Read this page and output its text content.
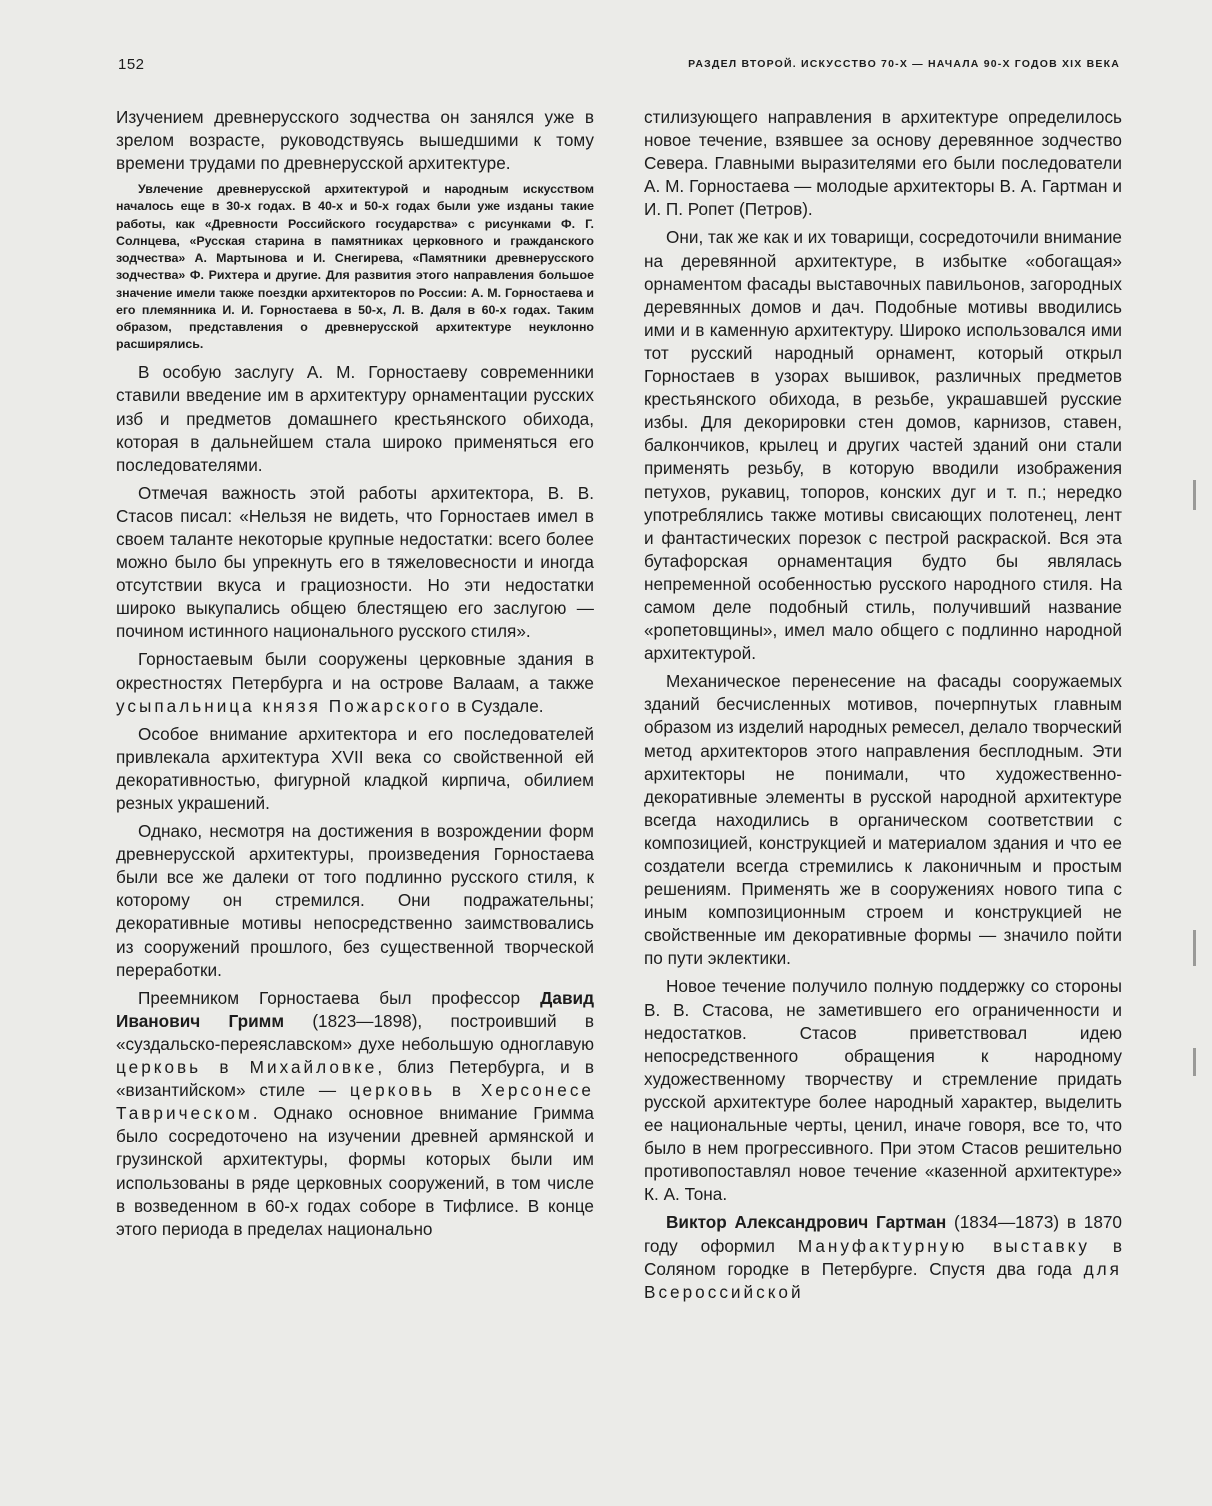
152	РАЗДЕЛ ВТОРОЙ. ИСКУССТВО 70-Х — НАЧАЛА 90-Х ГОДОВ XIX ВЕКА

Изучением древнерусского зодчества он занялся уже в зрелом возрасте, руководствуясь вышедшими к тому времени трудами по древнерусской архитектуре.

Увлечение древнерусской архитектурой и народным искусством началось еще в 30-х годах. В 40-х и 50-х годах были уже изданы такие работы, как «Древности Российского государства» с рисунками Ф. Г. Солнцева, «Русская старина в памятниках церковного и гражданского зодчества» А. Мартынова и И. Снегирева, «Памятники древнерусского зодчества» Ф. Рихтера и другие. Для развития этого направления большое значение имели также поездки архитекторов по России: А. М. Горностаева и его племянника И. И. Горностаева в 50-х, Л. В. Даля в 60-х годах. Таким образом, представления о древнерусской архитектуре неуклонно расширялись.

В особую заслугу А. М. Горностаеву современники ставили введение им в архитектуру орнаментации русских изб и предметов домашнего крестьянского обихода, которая в дальнейшем стала широко применяться его последователями.

Отмечая важность этой работы архитектора, В. В. Стасов писал: «Нельзя не видеть, что Горностаев имел в своем таланте некоторые крупные недостатки: всего более можно было бы упрекнуть его в тяжеловесности и иногда отсутствии вкуса и грациозности. Но эти недостатки широко выкупались общею блестящею его заслугою — почином истинного национального русского стиля».

Горностаевым были сооружены церковные здания в окрестностях Петербурга и на острове Валаам, а также усыпальница князя Пожарского в Суздале.

Особое внимание архитектора и его последователей привлекала архитектура XVII века со свойственной ей декоративностью, фигурной кладкой кирпича, обилием резных украшений.

Однако, несмотря на достижения в возрождении форм древнерусской архитектуры, произведения Горностаева были все же далеки от того подлинно русского стиля, к которому он стремился. Они подражательны; декоративные мотивы непосредственно заимствовались из сооружений прошлого, без существенной творческой переработки.

Преемником Горностаева был профессор Давид Иванович Гримм (1823—1898), построивший в «суздальско-переяславском» духе небольшую одноглавую церковь в Михайловке, близ Петербурга, и в «византийском» стиле — церковь в Херсонесе Таврическом. Однако основное внимание Гримма было сосредоточено на изучении древней армянской и грузинской архитектуры, формы которых были им использованы в ряде церковных сооружений, в том числе в возведенном в 60-х годах соборе в Тифлисе. В конце этого периода в пределах национально

стилизующего направления в архитектуре определилось новое течение, взявшее за основу деревянное зодчество Севера. Главными выразителями его были последователи А. М. Горностаева — молодые архитекторы В. А. Гартман и И. П. Ропет (Петров).

Они, так же как и их товарищи, сосредоточили внимание на деревянной архитектуре, в избытке «обогащая» орнаментом фасады выставочных павильонов, загородных деревянных домов и дач. Подобные мотивы вводились ими и в каменную архитектуру. Широко использовался ими тот русский народный орнамент, который открыл Горностаев в узорах вышивок, различных предметов крестьянского обихода, в резьбе, украшавшей русские избы. Для декорировки стен домов, карнизов, ставен, балкончиков, крылец и других частей зданий они стали применять резьбу, в которую вводили изображения петухов, рукавиц, топоров, конских дуг и т. п.; нередко употреблялись также мотивы свисающих полотенец, лент и фантастических порезок с пестрой раскраской. Вся эта бутафорская орнаментация будто бы являлась непременной особенностью русского народного стиля. На самом деле подобный стиль, получивший название «ропетовщины», имел мало общего с подлинно народной архитектурой.

Механическое перенесение на фасады сооружаемых зданий бесчисленных мотивов, почерпнутых главным образом из изделий народных ремесел, делало творческий метод архитекторов этого направления бесплодным. Эти архитекторы не понимали, что художественно-декоративные элементы в русской народной архитектуре всегда находились в органическом соответствии с композицией, конструкцией и материалом здания и что ее создатели всегда стремились к лаконичным и простым решениям. Применять же в сооружениях нового типа с иным композиционным строем и конструкцией не свойственные им декоративные формы — значило пойти по пути эклектики.

Новое течение получило полную поддержку со стороны В. В. Стасова, не заметившего его ограниченности и недостатков. Стасов приветствовал идею непосредственного обращения к народному художественному творчеству и стремление придать русской архитектуре более народный характер, выделить ее национальные черты, ценил, иначе говоря, все то, что было в нем прогрессивного. При этом Стасов решительно противопоставлял новое течение «казенной архитектуре» К. А. Тона.

Виктор Александрович Гартман (1834—1873) в 1870 году оформил Мануфактурную выставку в Соляном городке в Петербурге. Спустя два года для Всероссийской
